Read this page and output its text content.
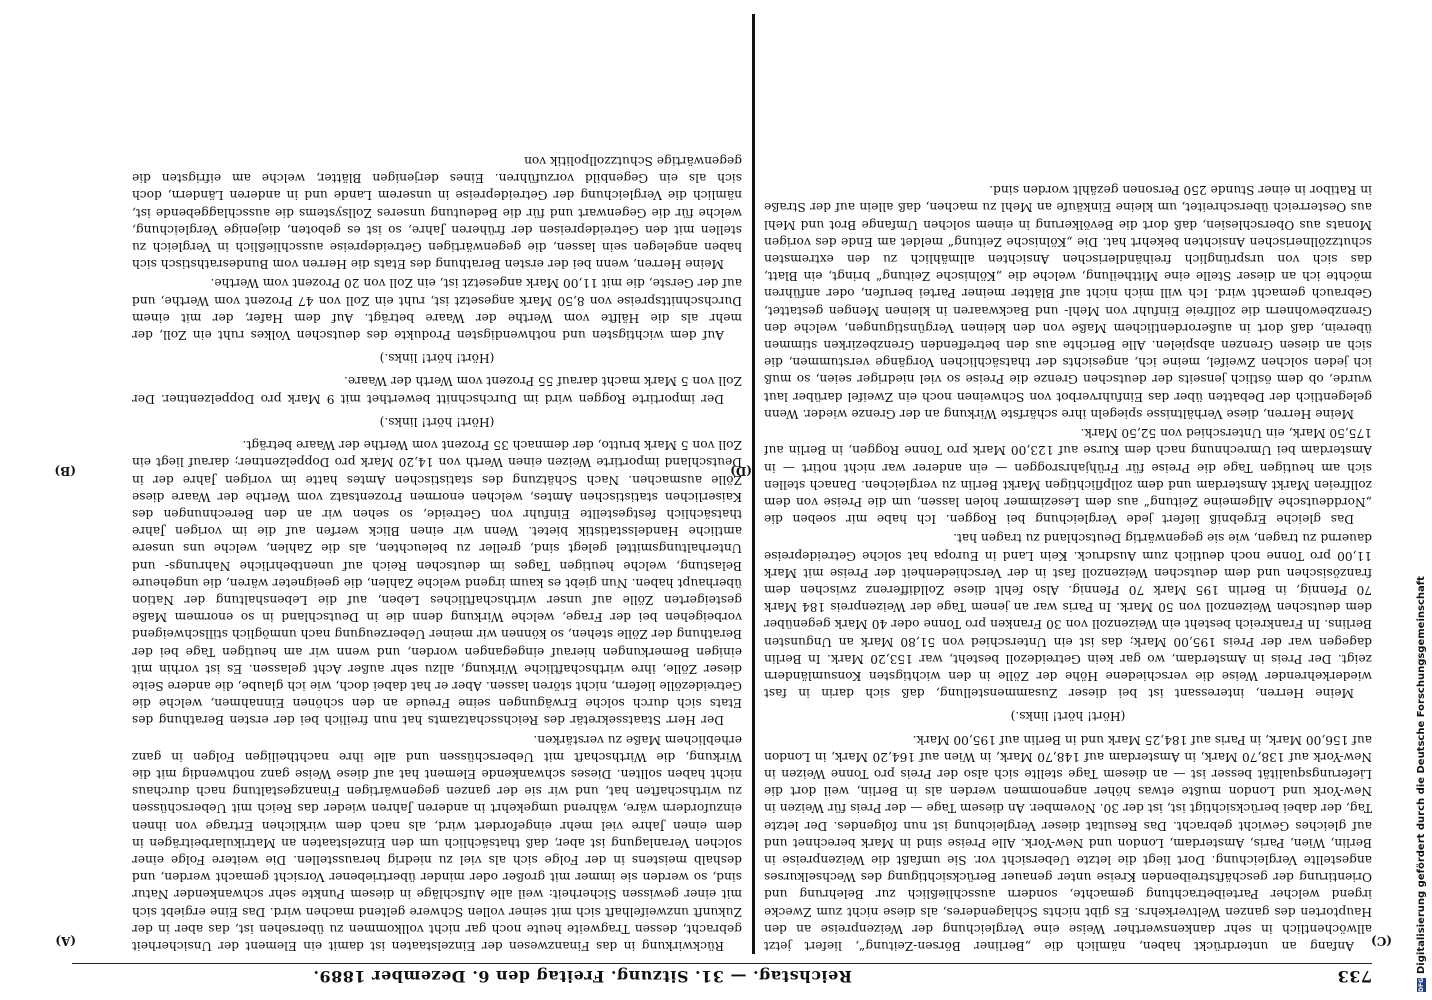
733
Reichstag. — 31. Sitzung. Freitag den 6. Dezember 1889.
(C)
(D)
(A)
(B)

Anfang an unterdrückt haben, nämlich die „Berliner Börsen-Zeitung“, liefert jetzt allwöchentlich in sehr dankenswerther Weise eine Vergleichung der Weizenpreise an den Hauptorten des ganzen Weltverkehrs. Es gibt nichts Schlagenderes, als diese nicht zum Zwecke irgend welcher Parteibetrachtung gemachte, sondern ausschließlich zur Belehrung und Orientirung der geschäftstreibenden Kreise unter genauer Berücksichtigung des Wechselkurses angestellte Vergleichung. Dort liegt die letzte Uebersicht vor. Sie umfaßt die Weizenpreise in Berlin, Wien, Paris, Amsterdam, London und New-York. Alle Preise sind in Mark berechnet und auf gleiches Gewicht gebracht. Das Resultat dieser Vergleichung ist nun folgendes. Der letzte Tag, der dabei berücksichtigt ist, ist der 30. November. An diesem Tage — der Preis für Weizen in New-York und London mußte etwas höher angenommen werden als in Berlin, weil dort die Lieferungsqualität besser ist — an diesem Tage stellte sich also der Preis pro Tonne Weizen in New-York auf 138,70 Mark, in Amsterdam auf 148,70 Mark, in Wien auf 164,20 Mark, in London auf 156,00 Mark, in Paris auf 184,25 Mark und in Berlin auf 195,00 Mark.

(Hört! hört! links.)

Meine Herren, interessant ist bei dieser Zusammenstellung, daß sich darin in fast wiederkehrender Weise die verschiedene Höhe der Zölle in den wichtigsten Konsumländern zeigt. Der Preis in Amsterdam, wo gar kein Getreidezoll besteht, war 153,20 Mark. In Berlin dagegen war der Preis 195,00 Mark; das ist ein Unterschied von 51,80 Mark an Ungunsten Berlins. In Frankreich besteht ein Weizenzoll von 30 Franken pro Tonne oder 40 Mark gegenüber dem deutschen Weizenzoll von 50 Mark. In Paris war an jenem Tage der Weizenpreis 184 Mark 70 Pfennig, in Berlin 195 Mark 70 Pfennig. Also fehlt diese Zolldifferenz zwischen dem französischen und dem deutschen Weizenzoll fast in der Verschiedenheit der Preise mit Mark 11,00 pro Tonne noch deutlich zum Ausdruck. Kein Land in Europa hat solche Getreidepreise dauernd zu tragen, wie sie gegenwärtig Deutschland zu tragen hat.

Das gleiche Ergebniß liefert jede Vergleichung bei Roggen. Ich habe mir soeben die „Norddeutsche Allgemeine Zeitung“ aus dem Lesezimmer holen lassen, um die Preise von dem zollfreien Markt Amsterdam und dem zollpflichtigen Markt Berlin zu vergleichen. Danach stellen sich am heutigen Tage die Preise für Frühjahrsroggen — ein anderer war nicht notirt — in Amsterdam bei Umrechnung nach dem Kurse auf 123,00 Mark pro Tonne Roggen, in Berlin auf 175,50 Mark, ein Unterschied von 52,50 Mark.

Meine Herren, diese Verhältnisse spiegeln ihre schärfste Wirkung an der Grenze wieder. Wenn gelegentlich der Debatten über das Einfuhrverbot von Schweinen noch ein Zweifel darüber laut wurde, ob dem östlich jenseits der deutschen Grenze die Preise so viel niedriger seien, so muß ich jeden solchen Zweifel, meine ich, angesichts der thatsächlichen Vorgänge verstummen, die sich an diesen Grenzen abspielen. Alle Berichte aus den betreffenden Grenzbezirken stimmen überein, daß dort in außerordentlichem Maße von den kleinen Vergünstigungen, welche den Grenzbewohnern die zollfreie Einfuhr von Mehl- und Backwaaren in kleinen Mengen gestattet, Gebrauch gemacht wird. Ich will mich nicht auf Blätter meiner Partei berufen, oder anführen möchte ich an dieser Stelle eine Mittheilung, welche die „Kölnische Zeitung“ bringt, ein Blatt, das sich von ursprünglich freihändlerischen Ansichten allmählich zu den extremsten schutzzöllnerischen Ansichten bekehrt hat. Die „Kölnische Zeitung“ meldet am Ende des vorigen Monats aus Oberschlesien, daß dort die Bevölkerung in einem solchen Umfange Brot und Mehl aus Oesterreich überschreitet, um kleine Einkäufe an Mehl zu machen, daß allein auf der Straße in Ratibor in einer Stunde 250 Personen gezählt worden sind.

Rückwirkung in das Finanzwesen der Einzelstaaten ist damit ein Element der Unsicherheit gebracht, dessen Tragweite heute noch gar nicht vollkommen zu übersehen ist, das aber in der Zukunft unzweifelhaft sich mit seiner vollen Schwere geltend machen wird. Das Eine ergiebt sich mit einer gewissen Sicherheit: weil alle Aufschläge in diesem Punkte sehr schwankender Natur sind, so werden sie immer mit großer oder minder übertriebener Vorsicht gemacht werden, und deshalb meistens in der Folge sich als viel zu niedrig herausstellen. Die weitere Folge einer solchen Veranlagung ist aber, daß thatsächlich um den Einzelstaaten an Matrikularbeiträgen in dem einen Jahre viel mehr eingefordert wird, als nach dem wirklichen Ertrage von ihnen einzufordern wäre, während umgekehrt in anderen Jahren wieder das Reich mit Ueberschüssen zu wirthschaften hat, und wir sie der ganzen gegenwärtigen Finanzgestaltung nach durchaus nicht haben sollten. Dieses schwankende Element hat auf diese Weise ganz nothwendig mit die Wirkung, die Wirthschaft mit Ueberschüssen und alle ihre nachtheiligen Folgen in ganz erheblichem Maße zu verstärken.

Der Herr Staatssekretär des Reichsschatzamts hat nun freilich bei der ersten Berathung des Etats sich durch solche Erwägungen seine Freude an den schönen Einnahmen, welche die Getreidezölle liefern, nicht stören lassen. Aber er hat dabei doch, wie ich glaube, die andere Seite dieser Zölle, ihre wirthschaftliche Wirkung, allzu sehr außer Acht gelassen. Es ist vorhin mit einigen Bemerkungen hierauf eingegangen worden, und wenn wir am heutigen Tage bei der Berathung der Zölle stehen, so können wir meiner Ueberzeugung nach unmöglich stillschweigend vorbeigehen bei der Frage, welche Wirkung denn die in Deutschland in so enormem Maße gesteigerten Zölle auf unser wirthschaftliches Leben, auf die Lebenshaltung der Nation überhaupt haben. Nun giebt es kaum irgend welche Zahlen, die geeigneter wären, die ungeheure Belastung, welche heutigen Tages im deutschen Reich auf unentbehrliche Nahrungs- und Unterhaltungsmittel gelegt sind, greller zu beleuchten, als die Zahlen, welche uns unsere amtliche Handelsstatistik bietet. Wenn wir einen Blick werfen auf die im vorigen Jahre thatsächlich festgestellte Einfuhr von Getreide, so sehen wir an den Berechnungen des Kaiserlichen statistischen Amtes, welchen enormen Prozentsatz vom Werthe der Waare diese Zölle ausmachen. Nach Schätzung des statistischen Amtes hatte im vorigen Jahre der in Deutschland importirte Weizen einen Werth von 14,20 Mark pro Doppelzentner; darauf liegt ein Zoll von 5 Mark brutto, der demnach 35 Prozent vom Werthe der Waare beträgt.

(Hört! hört! links.)

Der importirte Roggen wird im Durchschnitt bewerthet mit 9 Mark pro Doppelzentner. Der Zoll von 5 Mark macht darauf 55 Prozent vom Werth der Waare.

(Hört! hört! links.)

Auf dem wichtigsten und nothwendigsten Produkte des deutschen Volkes ruht ein Zoll, der mehr als die Hälfte vom Werthe der Waare beträgt. Auf dem Hafer, der mit einem Durchschnittspreise von 8,50 Mark angesetzt ist, ruht ein Zoll von 47 Prozent vom Werthe, und auf der Gerste, die mit 11,00 Mark angesetzt ist, ein Zoll von 20 Prozent vom Werthe.

Meine Herren, wenn bei der ersten Berathung des Etats die Herren vom Bundesrathstisch sich haben angelegen sein lassen, die gegenwärtigen Getreidepreise ausschließlich in Vergleich zu stellen mit den Getreidepreisen der früheren Jahre, so ist es geboten, diejenige Vergleichung, welche für die Gegenwart und für die Bedeutung unseres Zollsystems die ausschlaggebende ist, nämlich die Vergleichung der Getreidepreise in unserem Lande und in anderen Ländern, doch sich als ein Gegenbild vorzuführen. Eines derjenigen Blätter, welche am eifrigsten die gegenwärtige Schutzzollpolitik von

DFGDigitalisierung gefördert durch die Deutsche Forschungsgemeinschaft
